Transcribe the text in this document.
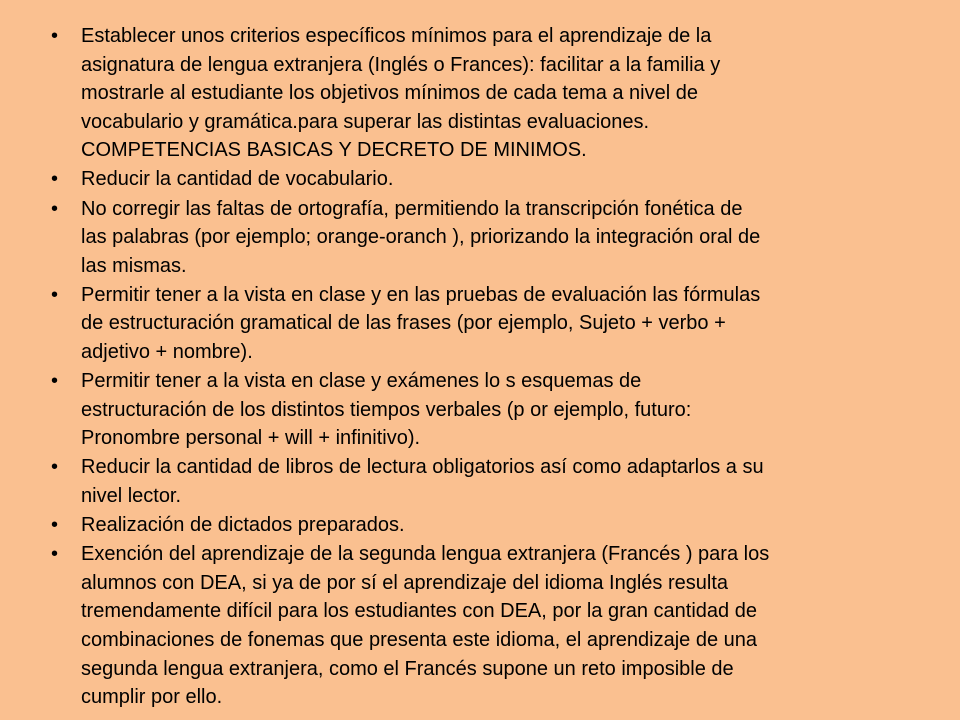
• Establecer unos criterios específicos mínimos para el aprendizaje de la
asignatura de lengua extranjera (Inglés o Frances): facilitar a la familia y
mostrarle al estudiante los objetivos mínimos de cada tema a nivel de
vocabulario y gramática.para superar las distintas evaluaciones.
COMPETENCIAS BASICAS Y DECRETO DE MINIMOS.
• Reducir la cantidad de vocabulario.
• No corregir las faltas de ortografía, permitiendo la transcripción fonética de
las palabras (por ejemplo; orange-oranch ), priorizando la integración oral de
las mismas.
• Permitir tener a la vista en clase y en las pruebas de evaluación las fórmulas
de estructuración gramatical de las frases (por ejemplo, Sujeto + verbo +
adjetivo + nombre).
• Permitir tener a la vista en clase y exámenes lo s esquemas de
estructuración de los distintos tiempos verbales (p or ejemplo, futuro:
Pronombre personal + will + infinitivo).
• Reducir la cantidad de libros de lectura obligatorios así como adaptarlos a su
nivel lector.
• Realización de dictados preparados.
• Exención del aprendizaje de la segunda lengua extranjera (Francés ) para los
alumnos con DEA, si ya de por sí el aprendizaje del idioma Inglés resulta
tremendamente difícil para los estudiantes con DEA, por la gran cantidad de
combinaciones de fonemas que presenta este idioma, el aprendizaje de una
segunda lengua extranjera, como el Francés supone un reto imposible de
cumplir por ello.
